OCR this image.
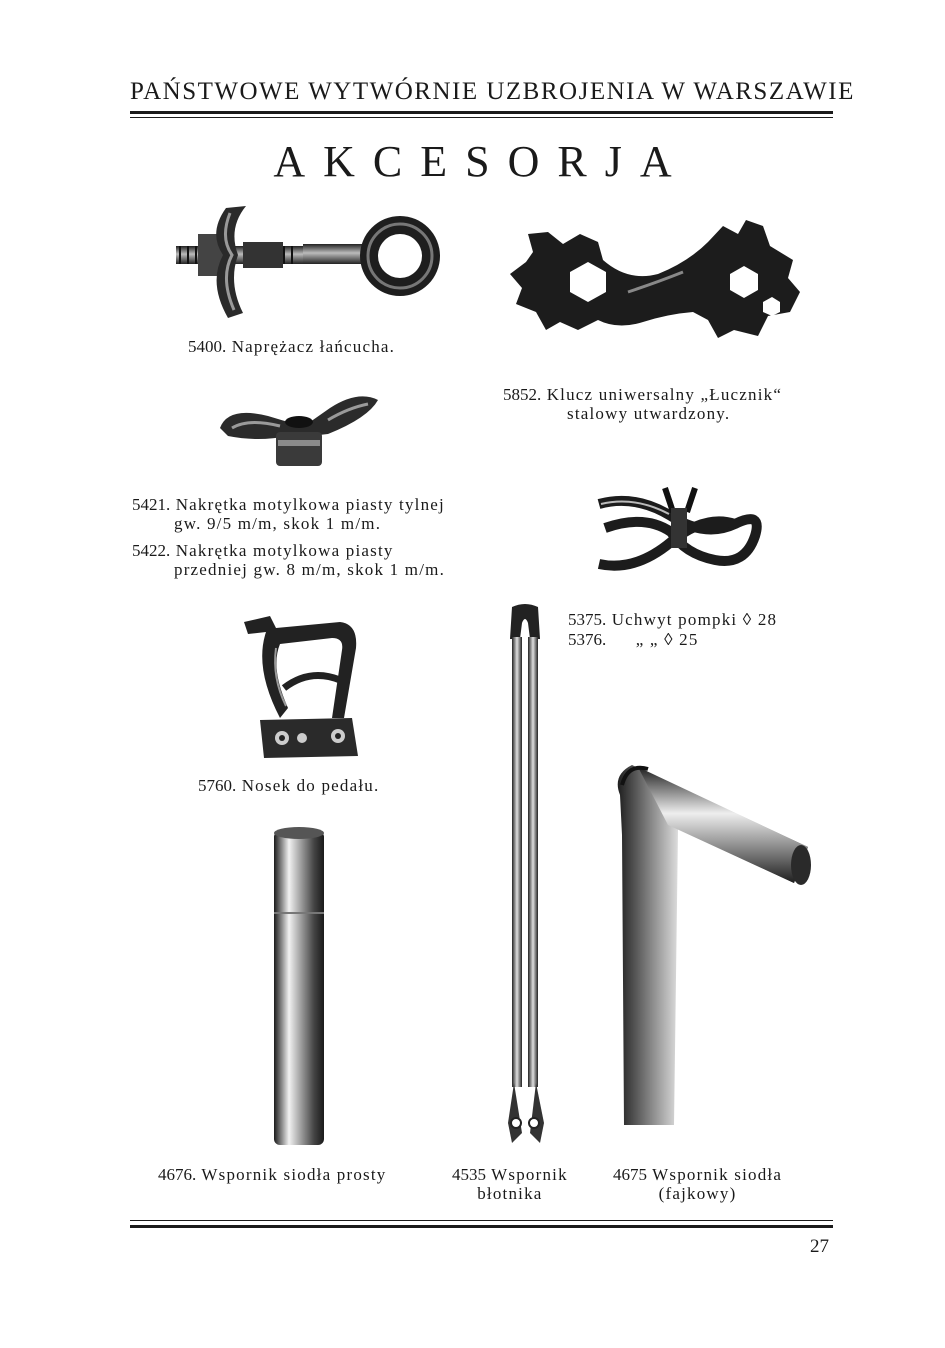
PAŃSTWOWE WYTWÓRNIE UZBROJENIA W WARSZAWIE
AKCESORJA
5400. Naprężacz łańcucha.
5852. Klucz uniwersalny „Łucznik“
stalowy utwardzony.
5421. Nakrętka motylkowa piasty tylnej
gw. 9/5 m/m, skok 1 m/m.
5422. Nakrętka motylkowa piasty
przedniej gw. 8 m/m, skok 1 m/m.
5375. Uchwyt pompki ◊ 28
5376. „ „ ◊ 25
5760. Nosek do pedału.
4676. Wspornik siodła prosty	4535 Wspornik
błotnika
4675 Wspornik siodła
(fajkowy)
27
